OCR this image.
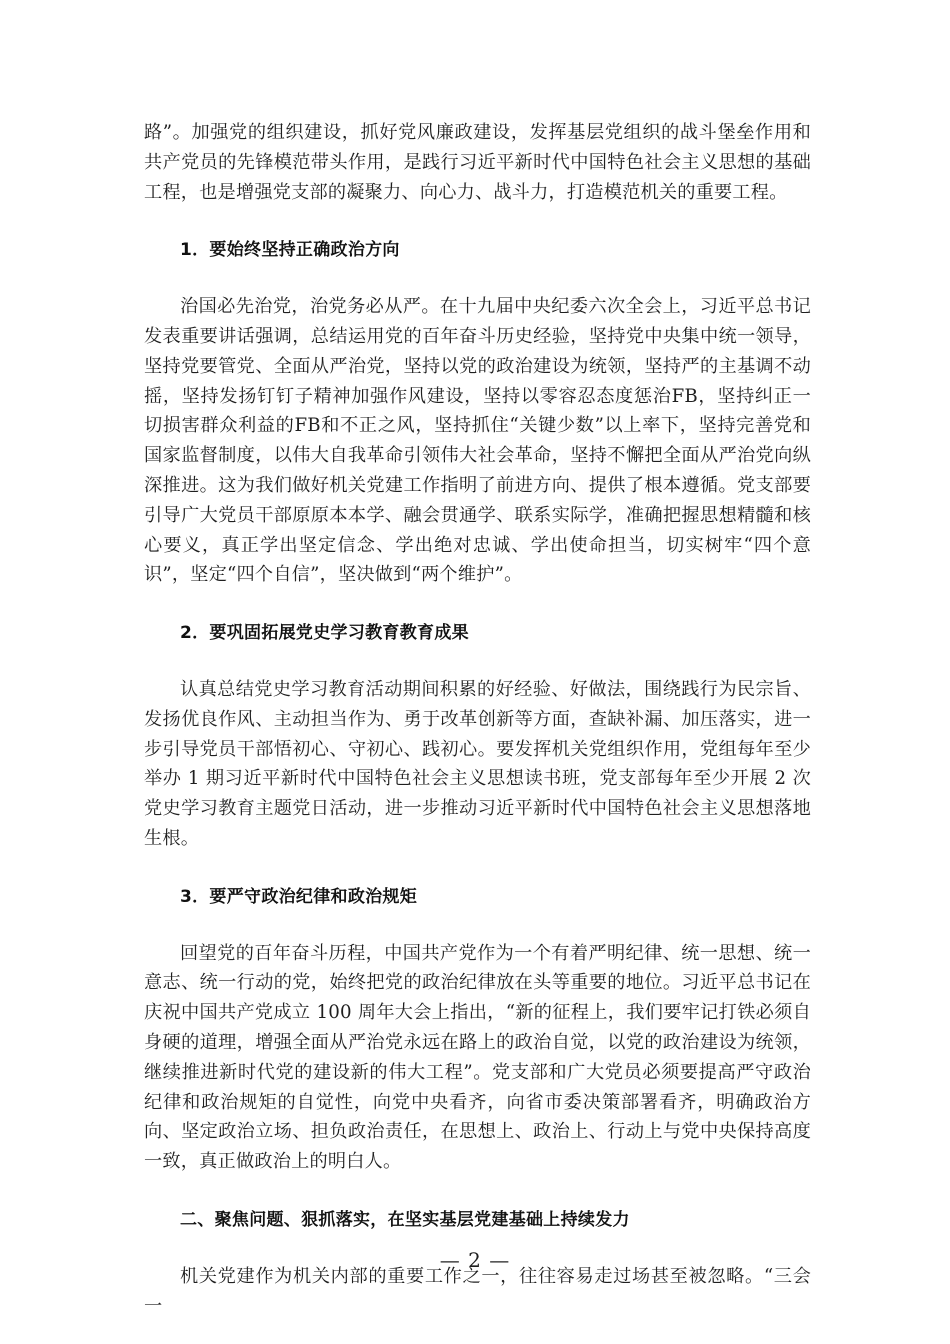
路”。加强党的组织建设，抓好党风廉政建设，发挥基层党组织的战斗堡垒作用和共产党员的先锋模范带头作用，是践行习近平新时代中国特色社会主义思想的基础工程，也是增强党支部的凝聚力、向心力、战斗力，打造模范机关的重要工程。

1．要始终坚持正确政治方向

治国必先治党，治党务必从严。在十九届中央纪委六次全会上，习近平总书记发表重要讲话强调，总结运用党的百年奋斗历史经验，坚持党中央集中统一领导，坚持党要管党、全面从严治党，坚持以党的政治建设为统领，坚持严的主基调不动摇，坚持发扬钉钉子精神加强作风建设，坚持以零容忍态度惩治FB，坚持纠正一切损害群众利益的FB和不正之风，坚持抓住“关键少数”以上率下，坚持完善党和国家监督制度，以伟大自我革命引领伟大社会革命，坚持不懈把全面从严治党向纵深推进。这为我们做好机关党建工作指明了前进方向、提供了根本遵循。党支部要引导广大党员干部原原本本学、融会贯通学、联系实际学，准确把握思想精髓和核心要义，真正学出坚定信念、学出绝对忠诚、学出使命担当，切实树牢“四个意识”，坚定“四个自信”，坚决做到“两个维护”。

2．要巩固拓展党史学习教育教育成果

认真总结党史学习教育活动期间积累的好经验、好做法，围绕践行为民宗旨、发扬优良作风、主动担当作为、勇于改革创新等方面，查缺补漏、加压落实，进一步引导党员干部悟初心、守初心、践初心。要发挥机关党组织作用，党组每年至少举办 1 期习近平新时代中国特色社会主义思想读书班，党支部每年至少开展 2 次党史学习教育主题党日活动，进一步推动习近平新时代中国特色社会主义思想落地生根。

3．要严守政治纪律和政治规矩

回望党的百年奋斗历程，中国共产党作为一个有着严明纪律、统一思想、统一意志、统一行动的党，始终把党的政治纪律放在头等重要的地位。习近平总书记在庆祝中国共产党成立 100 周年大会上指出，“新的征程上，我们要牢记打铁必须自身硬的道理，增强全面从严治党永远在路上的政治自觉，以党的政治建设为统领，继续推进新时代党的建设新的伟大工程”。党支部和广大党员必须要提高严守政治纪律和政治规矩的自觉性，向党中央看齐，向省市委决策部署看齐，明确政治方向、坚定政治立场、担负政治责任，在思想上、政治上、行动上与党中央保持高度一致，真正做政治上的明白人。

二、聚焦问题、狠抓落实，在坚实基层党建基础上持续发力

机关党建作为机关内部的重要工作之一，往往容易走过场甚至被忽略。“三会一

— 2 —
